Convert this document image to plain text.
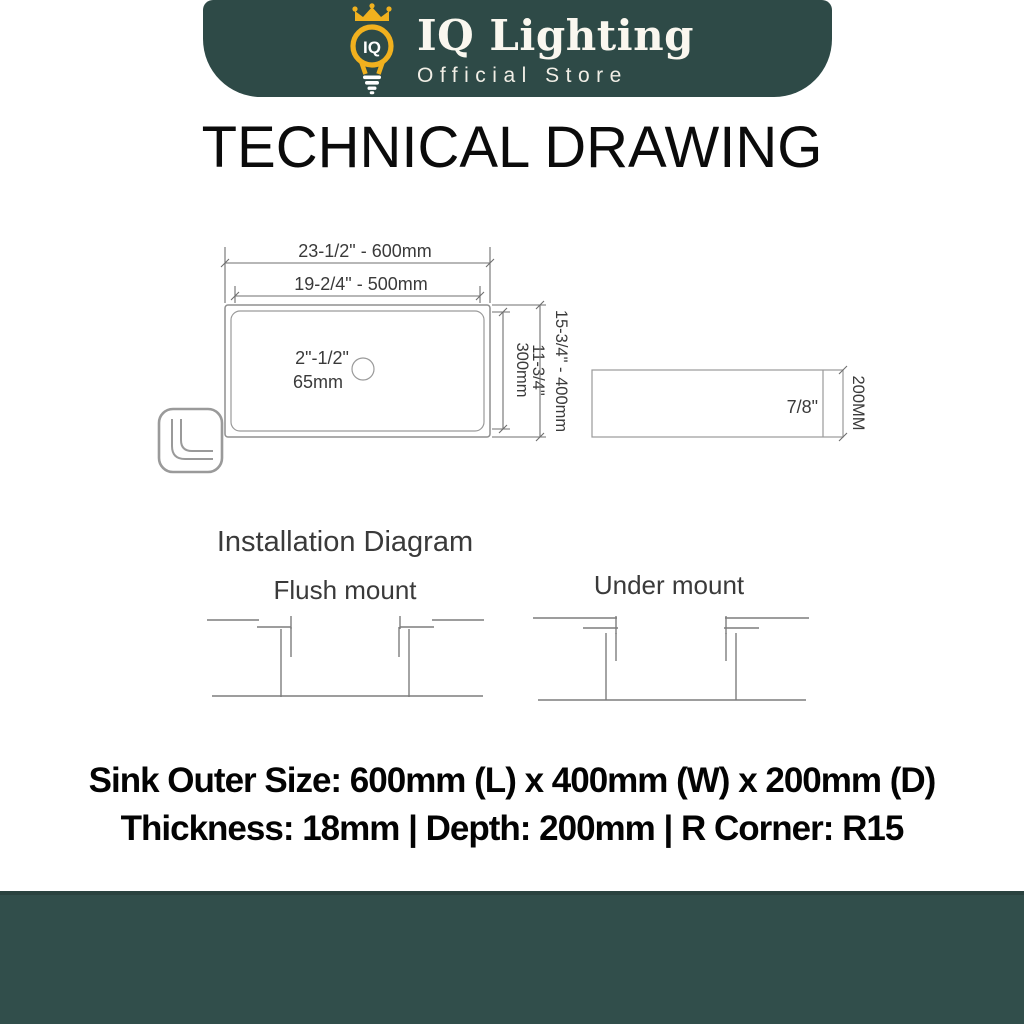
IQ IQ Lighting
Official Store
TECHNICAL DRAWING
23-1/2" - 600mm
19-2/4" - 500mm
2"-1/2"
65mm	300mm
11-3/4" 15-3/4" - 400mm	7/8" 200MM
Installation Diagram
Flush mount	Under mount
Sink Outer Size: 600mm (L) x 400mm (W) x 200mm (D)
Thickness: 18mm | Depth: 200mm | R Corner: R15
